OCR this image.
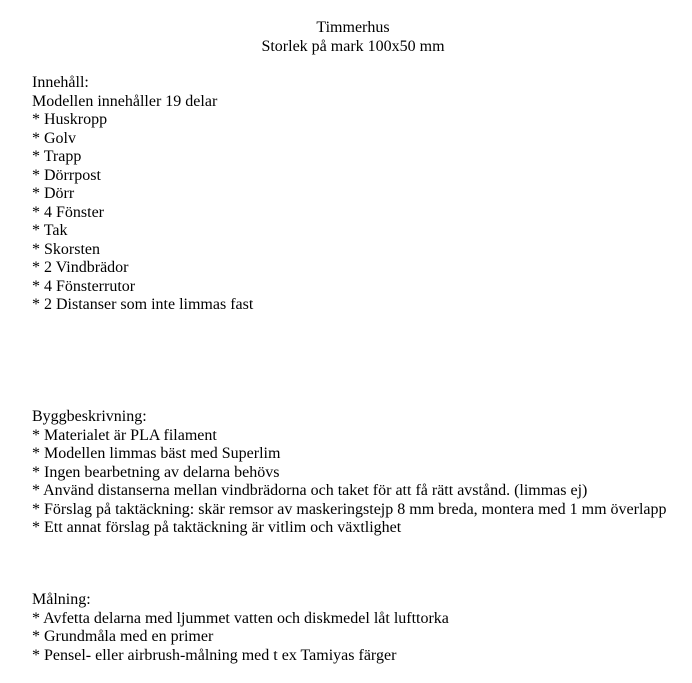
Timmerhus
Storlek på mark 100x50 mm
Innehåll:
Modellen innehåller 19 delar
* Huskropp
* Golv
* Trapp
* Dörrpost
* Dörr
* 4 Fönster
* Tak
* Skorsten
* 2 Vindbrädor
* 4 Fönsterrutor
* 2 Distanser som inte limmas fast
Byggbeskrivning:
* Materialet är PLA filament
* Modellen limmas bäst med Superlim
* Ingen bearbetning av delarna behövs
* Använd distanserna mellan vindbrädorna och taket för att få rätt avstånd. (limmas ej)
* Förslag på taktäckning: skär remsor av maskeringstejp 8 mm breda, montera med 1 mm överlapp
* Ett annat förslag på taktäckning är vitlim och växtlighet
Målning:
* Avfetta delarna med ljummet vatten och diskmedel låt lufttorka
* Grundmåla med en primer
* Pensel- eller airbrush-målning med t ex Tamiyas färger
